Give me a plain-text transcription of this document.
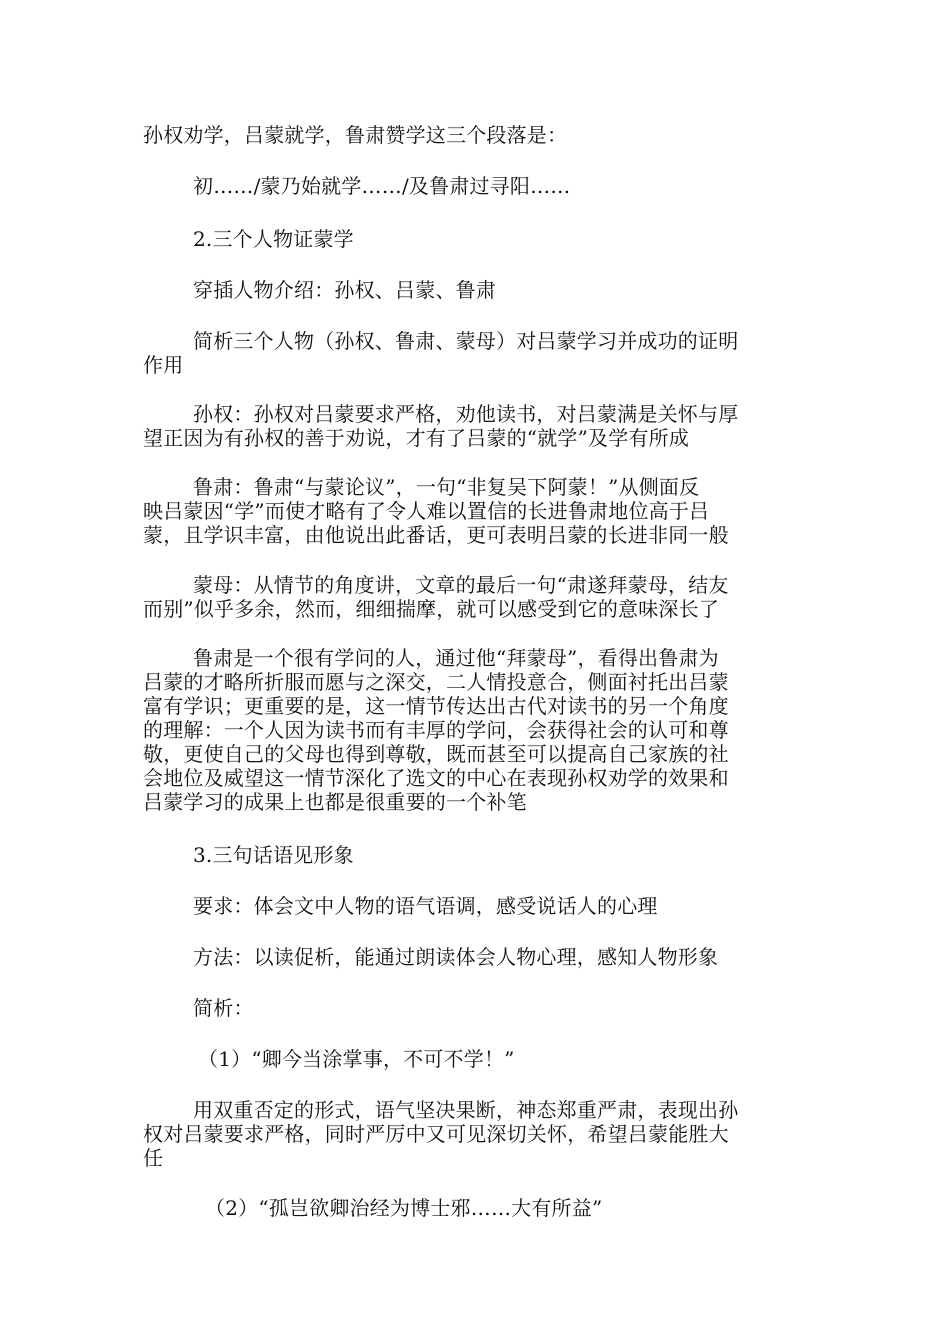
孙权劝学，吕蒙就学，鲁肃赞学这三个段落是：
初……/蒙乃始就学……/及鲁肃过寻阳……
2.三个人物证蒙学
穿插人物介绍：孙权、吕蒙、鲁肃
简析三个人物（孙权、鲁肃、蒙母）对吕蒙学习并成功的证明
作用
孙权：孙权对吕蒙要求严格，劝他读书，对吕蒙满是关怀与厚
望正因为有孙权的善于劝说，才有了吕蒙的“就学”及学有所成
鲁肃：鲁肃“与蒙论议”，一句“非复吴下阿蒙！”从侧面反
映吕蒙因“学”而使才略有了令人难以置信的长进鲁肃地位高于吕
蒙，且学识丰富，由他说出此番话，更可表明吕蒙的长进非同一般
蒙母：从情节的角度讲，文章的最后一句“肃遂拜蒙母，结友
而别”似乎多余，然而，细细揣摩，就可以感受到它的意味深长了
鲁肃是一个很有学问的人，通过他“拜蒙母”，看得出鲁肃为
吕蒙的才略所折服而愿与之深交，二人情投意合，侧面衬托出吕蒙
富有学识；更重要的是，这一情节传达出古代对读书的另一个角度
的理解：一个人因为读书而有丰厚的学问，会获得社会的认可和尊
敬，更使自己的父母也得到尊敬，既而甚至可以提高自己家族的社
会地位及威望这一情节深化了选文的中心在表现孙权劝学的效果和
吕蒙学习的成果上也都是很重要的一个补笔
3.三句话语见形象
要求：体会文中人物的语气语调，感受说话人的心理
方法：以读促析，能通过朗读体会人物心理，感知人物形象
简析：
（1）“卿今当涂掌事，不可不学！”
用双重否定的形式，语气坚决果断，神态郑重严肃，表现出孙
权对吕蒙要求严格，同时严厉中又可见深切关怀，希望吕蒙能胜大
任
（2）“孤岂欲卿治经为博士邪……大有所益”
